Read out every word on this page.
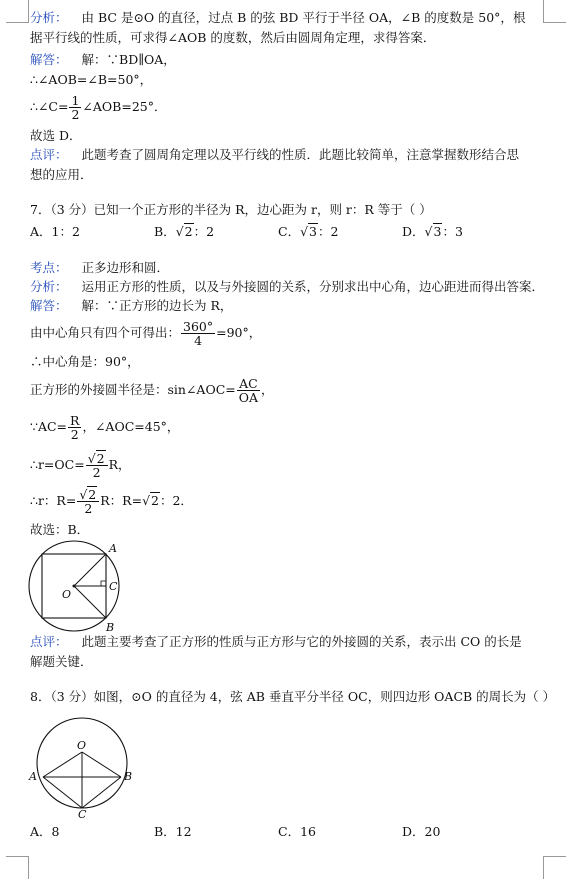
分析： 由 BC 是⊙O 的直径，过点 B 的弦 BD 平行于半径 OA，∠B 的度数是 50°，根据平行线的性质，可求得∠AOB 的度数，然后由圆周角定理，求得答案．
解答： 解：∵BD∥OA，
∴∠AOB=∠B=50°，
∴∠C= $\frac{1}{2}$ ∠AOB=25°．
故选 D．
点评： 此题考查了圆周角定理以及平行线的性质．此题比较简单，注意掌握数形结合思想的应用．
7．（3 分）已知一个正方形的半径为 R，边心距为 r，则 r：R 等于（ ）
A．1：2	B．√2：2	C．√3：2	D．√3：3
考点： 正多边形和圆．
分析： 运用正方形的性质，以及与外接圆的关系，分别求出中心角，边心距进而得出答案．
解答： 解：∵正方形的边长为 R，
由中心角只有四个可得出： $\frac{360^\circ}{4} =90^\circ$，
∴中心角是：90°，
正方形的外接圆半径是：sin∠AOC= $\frac{AC}{OA}$ ，
∵AC= $\frac{R}{2}$ ，∠AOC=45°，
∴r=OC= $\frac{√2}{2}$ R，
∴r：$R= \frac{√2}{2}$ R：R=√2：2．
故选：B．
A
C
O
B
点评： 此题主要考查了正方形的性质与正方形与它的外接圆的关系，表示出 CO 的长是解题关键．
8．（3 分）如图，⊙O 的直径为 4，弦 AB 垂直平分半径 OC，则四边形 OACB 的周长为（ ）
O
A	B
C
A．8	B．12	C．16	D．20
